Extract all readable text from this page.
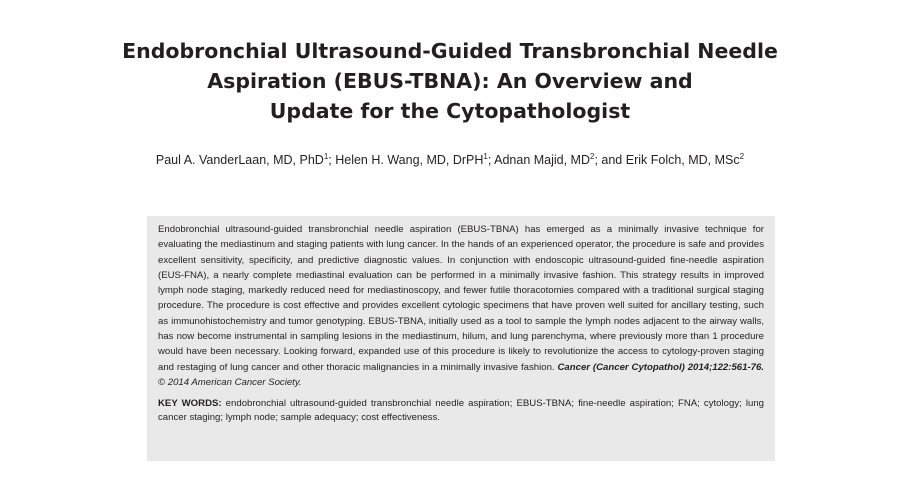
Endobronchial Ultrasound-Guided Transbronchial Needle
Aspiration (EBUS-TBNA): An Overview and
Update for the Cytopathologist
Paul A. VanderLaan, MD, PhD$^1$; Helen H. Wang, MD, DrPH$^1$; Adnan Majid, $MD^2$; and Erik Folch, MD, MSc$^2$

Endobronchial ultrasound-guided transbronchial needle aspiration (EBUS-TBNA) has emerged as a minimally invasive technique for evaluating the mediastinum and staging patients with lung cancer. In the hands of an experienced operator, the procedure is safe and provides excellent sensitivity, specificity, and predictive diagnostic values. In conjunction with endoscopic ultrasound-guided fine-needle aspiration (EUS-FNA), a nearly complete mediastinal evaluation can be performed in a minimally invasive fashion. This strategy results in improved lymph node staging, markedly reduced need for mediastinoscopy, and fewer futile thoracotomies compared with a traditional surgical staging procedure. The procedure is cost effective and provides excellent cytologic specimens that have proven well suited for ancillary testing, such as immunohistochemistry and tumor genotyping. EBUS-TBNA, initially used as a tool to sample the lymph nodes adjacent to the airway walls, has now become instrumental in sampling lesions in the mediastinum, hilum, and lung parenchyma, where previously more than 1 procedure would have been necessary. Looking forward, expanded use of this procedure is likely to revolutionize the access to cytology-proven staging and restaging of lung cancer and other thoracic malignancies in a minimally invasive fashion. Cancer (Cancer Cytopathol) 2014;122:561-76. © 2014 American Cancer Society.

KEY WORDS: endobronchial ultrasound-guided transbronchial needle aspiration; EBUS-TBNA; fine-needle aspiration; FNA; cytology; lung cancer staging; lymph node; sample adequacy; cost effectiveness.
